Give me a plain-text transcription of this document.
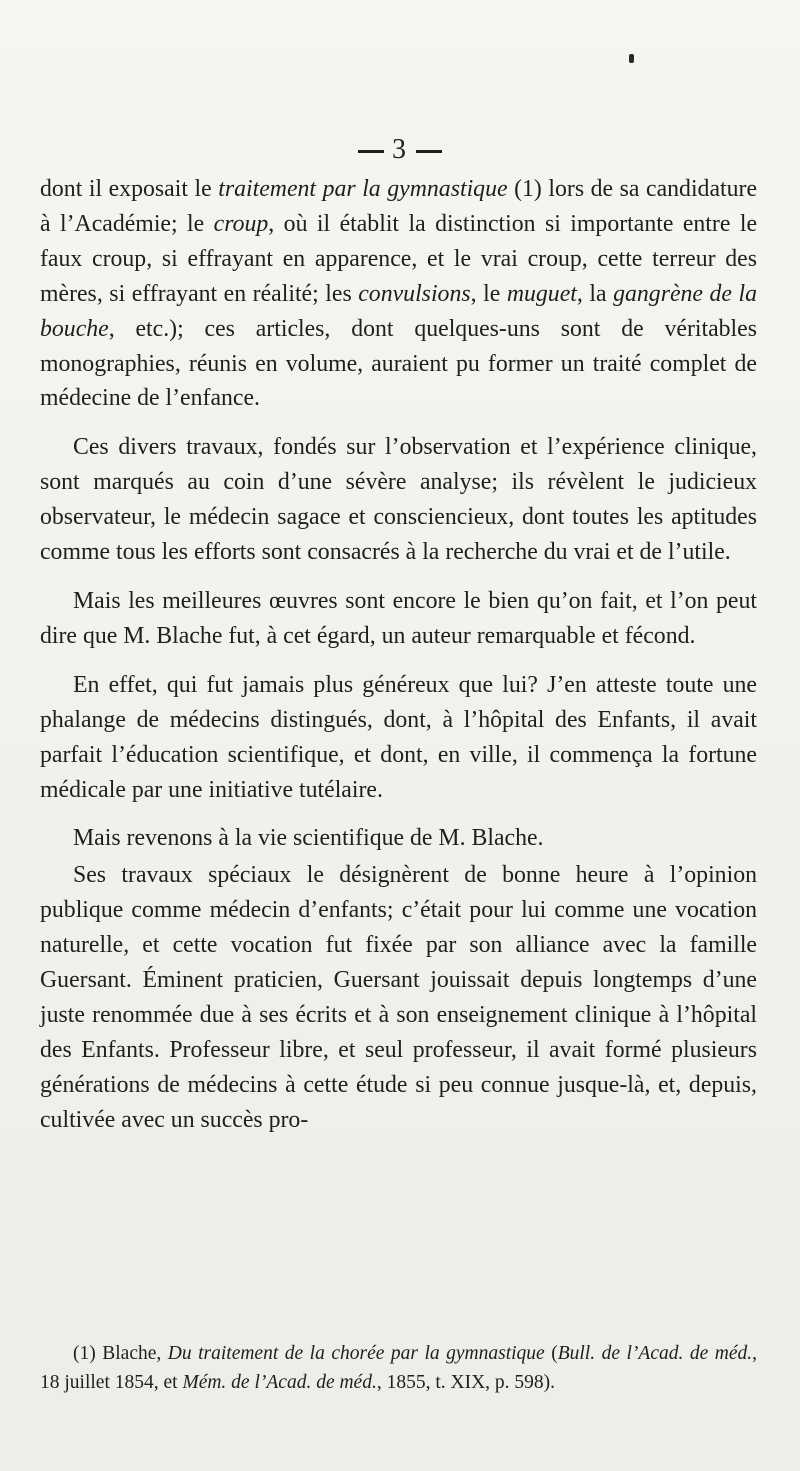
3

dont il exposait le traitement par la gymnastique (1) lors de sa candidature à l’Académie; le croup, où il établit la distinction si importante entre le faux croup, si effrayant en apparence, et le vrai croup, cette terreur des mères, si effrayant en réalité; les convulsions, le muguet, la gangrène de la bouche, etc.); ces articles, dont quelques-uns sont de véritables monographies, réunis en volume, auraient pu former un traité complet de médecine de l’enfance.

Ces divers travaux, fondés sur l’observation et l’expérience clinique, sont marqués au coin d’une sévère analyse; ils révèlent le judicieux observateur, le médecin sagace et consciencieux, dont toutes les aptitudes comme tous les efforts sont consacrés à la recherche du vrai et de l’utile.

Mais les meilleures œuvres sont encore le bien qu’on fait, et l’on peut dire que M. Blache fut, à cet égard, un auteur remarquable et fécond.

En effet, qui fut jamais plus généreux que lui? J’en atteste toute une phalange de médecins distingués, dont, à l’hôpital des Enfants, il avait parfait l’éducation scientifique, et dont, en ville, il commença la fortune médicale par une initiative tutélaire.

Mais revenons à la vie scientifique de M. Blache.

Ses travaux spéciaux le désignèrent de bonne heure à l’opinion publique comme médecin d’enfants; c’était pour lui comme une vocation naturelle, et cette vocation fut fixée par son alliance avec la famille Guersant. Éminent praticien, Guersant jouissait depuis longtemps d’une juste renommée due à ses écrits et à son enseignement clinique à l’hôpital des Enfants. Professeur libre, et seul professeur, il avait formé plusieurs générations de médecins à cette étude si peu connue jusque-là, et, depuis, cultivée avec un succès pro-

(1) Blache, Du traitement de la chorée par la gymnastique (Bull. de l’Acad. de méd., 18 juillet 1854, et Mém. de l’Acad. de méd., 1855, t. XIX, p. 598).
